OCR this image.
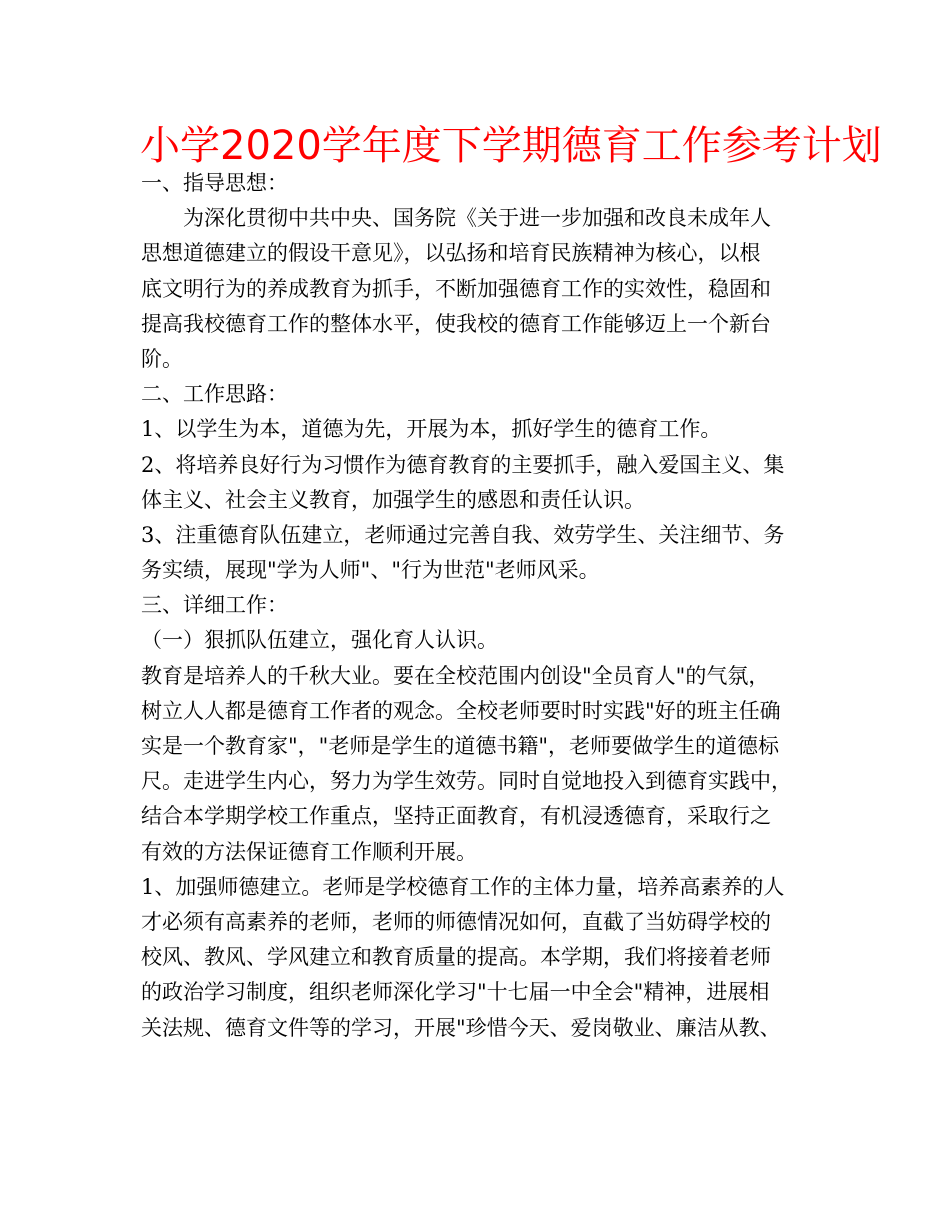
小学2020学年度下学期德育工作参考计划
一、指导思想：
为深化贯彻中共中央、国务院《关于进一步加强和改良未成年人
思想道德建立的假设干意见》，以弘扬和培育民族精神为核心，以根
底文明行为的养成教育为抓手，不断加强德育工作的实效性，稳固和
提高我校德育工作的整体水平，使我校的德育工作能够迈上一个新台
阶。
二、工作思路：
1、以学生为本，道德为先，开展为本，抓好学生的德育工作。
2、将培养良好行为习惯作为德育教育的主要抓手，融入爱国主义、集
体主义、社会主义教育，加强学生的感恩和责任认识。
3、注重德育队伍建立，老师通过完善自我、效劳学生、关注细节、务
务实绩，展现"学为人师"、"行为世范"老师风采。
三、详细工作：
（一）狠抓队伍建立，强化育人认识。
教育是培养人的千秋大业。要在全校范围内创设"全员育人"的气氛，
树立人人都是德育工作者的观念。全校老师要时时实践"好的班主任确
实是一个教育家"，"老师是学生的道德书籍"，老师要做学生的道德标
尺。走进学生内心，努力为学生效劳。同时自觉地投入到德育实践中，
结合本学期学校工作重点，坚持正面教育，有机浸透德育，采取行之
有效的方法保证德育工作顺利开展。
1、加强师德建立。老师是学校德育工作的主体力量，培养高素养的人
才必须有高素养的老师，老师的师德情况如何，直截了当妨碍学校的
校风、教风、学风建立和教育质量的提高。本学期，我们将接着老师
的政治学习制度，组织老师深化学习"十七届一中全会"精神，进展相
关法规、德育文件等的学习，开展"珍惜今天、爱岗敬业、廉洁从教、
